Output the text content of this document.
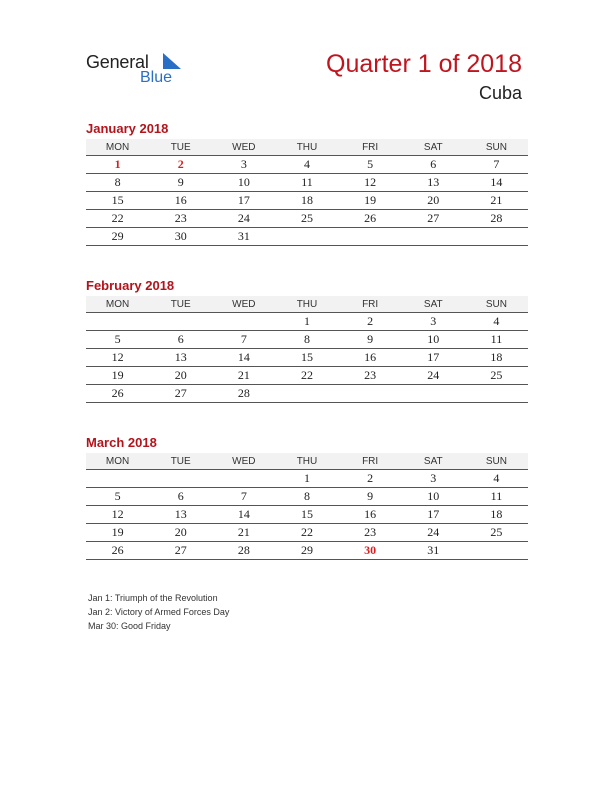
General
Blue	Quarter 1 of 2018
Cuba
January 2018
MON	TUE	WED	THU	FRI	SAT	SUN
1	2	3	4	5	6	7
8	9	10	11	12	13	14
15	16	17	18	19	20	21
22	23	24	25	26	27	28
29	30	31				
February 2018
MON	TUE	WED	THU	FRI	SAT	SUN
			1	2	3	4
5	6	7	8	9	10	11
12	13	14	15	16	17	18
19	20	21	22	23	24	25
26	27	28				
March 2018
MON	TUE	WED	THU	FRI	SAT	SUN
			1	2	3	4
5	6	7	8	9	10	11
12	13	14	15	16	17	18
19	20	21	22	23	24	25
26	27	28	29	30	31	
Jan 1: Triumph of the Revolution
Jan 2: Victory of Armed Forces Day
Mar 30: Good Friday
